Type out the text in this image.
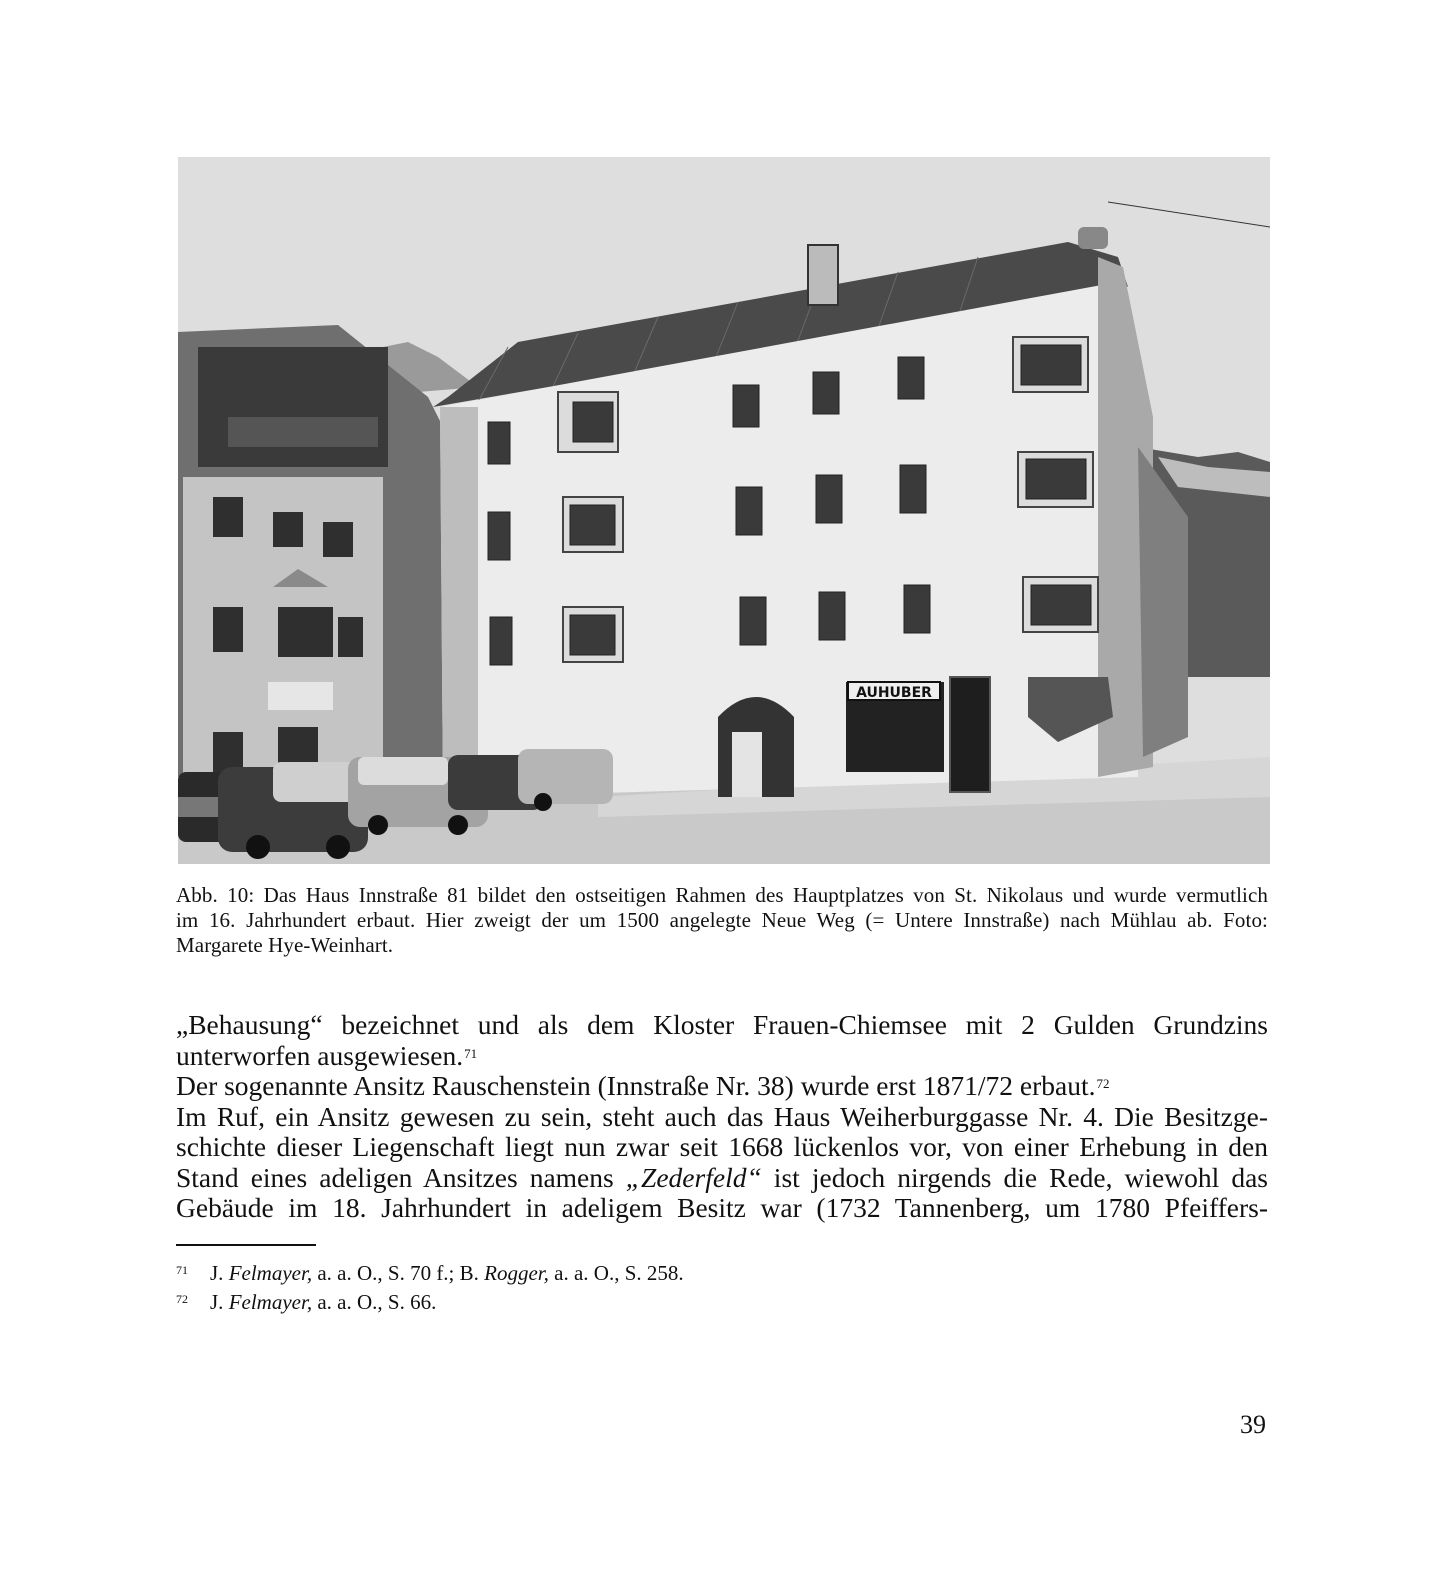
AUHUBER
Abb. 10: Das Haus Innstraße 81 bildet den ostseitigen Rahmen des Hauptplatzes von St. Nikolaus und wurde vermutlich
im 16. Jahrhundert erbaut. Hier zweigt der um 1500 angelegte Neue Weg (= Untere Innstraße) nach Mühlau ab. Foto:
Margarete Hye-Weinhart.
„Behausung“ bezeichnet und als dem Kloster Frauen-Chiemsee mit 2 Gulden Grundzins
unterworfen ausgewiesen.$^{71}$
Der sogenannte Ansitz Rauschenstein (Innstraße Nr. 38) wurde erst 1871/72 erbaut.$^{72}$
Im Ruf, ein Ansitz gewesen zu sein, steht auch das Haus Weiherburggasse Nr. 4. Die Besitzge-
schichte dieser Liegenschaft liegt nun zwar seit 1668 lückenlos vor, von einer Erhebung in den
Stand eines adeligen Ansitzes namens „Zederfeld“ ist jedoch nirgends die Rede, wiewohl das
Gebäude im 18. Jahrhundert in adeligem Besitz war (1732 Tannenberg, um 1780 Pfeiffers-
71	J. Felmayer, a. a. O., S. 70 f.; B. Rogger, a. a. O., S. 258.
72	J. Felmayer, a. a. O., S. 66.
39
